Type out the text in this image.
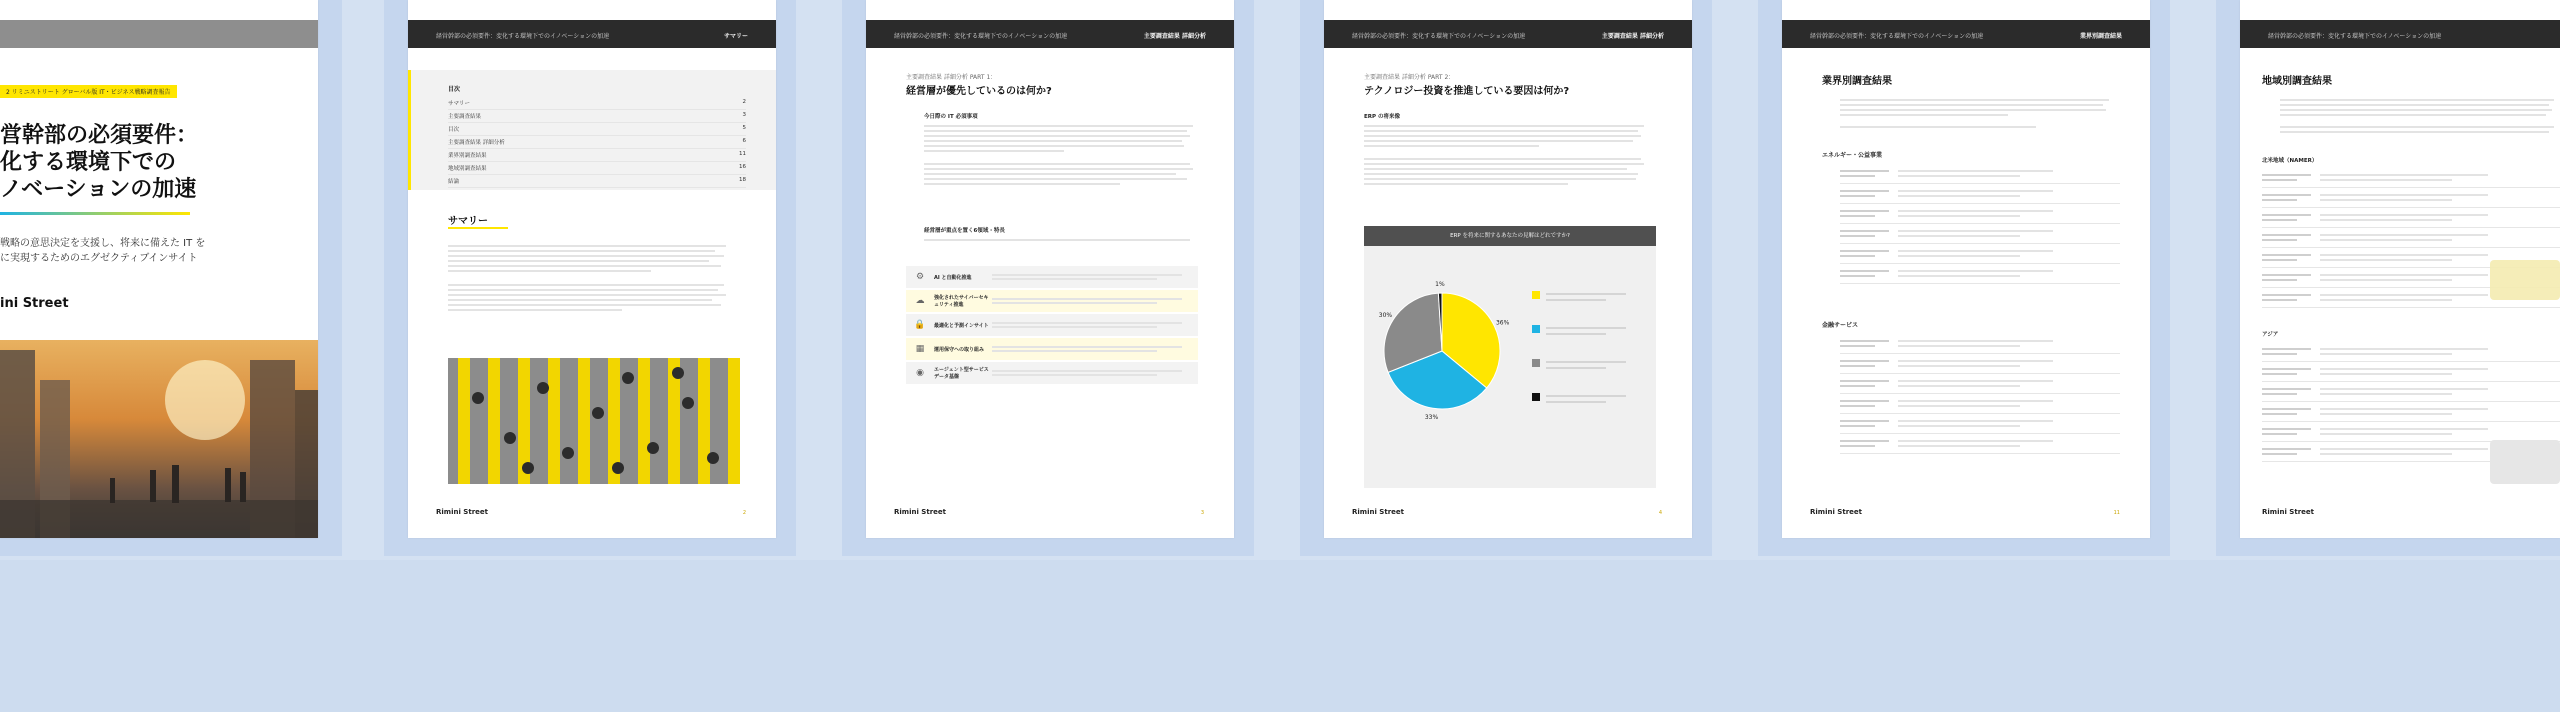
2 リミニストリート グローバル版 IT・ビジネス戦略調査報告
営幹部の必須要件：
化する環境下での
ノベーションの加速
戦略の意思決定を支援し、将来に備えた IT を
に実現するためのエグゼクティブインサイト
ini Street
経営幹部の必須要件：変化する環境下でのイノベーションの加速	サマリー
目次
サマリー	2
主要調査結果	3
目次	5
主要調査結果 詳細分析	6
業界別調査結果	11
地域別調査結果	16
結論	18
サマリー
Rimini Street	2
経営幹部の必須要件：変化する環境下でのイノベーションの加速	主要調査結果 詳細分析
主要調査結果 詳細分析 PART 1：
経営層が優先しているのは何か?
今日際の IT 必須事項
経営層が重点を置く6領域・特長
⚙	AI と自動化推進
☁	強化されたサイバーセキュリティ推進
🔒	最適化と予測インサイト
▦	運用保守への取り組み
◉	エージェント型サービスデータ基盤
Rimini Street	3
経営幹部の必須要件：変化する環境下でのイノベーションの加速	主要調査結果 詳細分析
主要調査結果 詳細分析 PART 2：
テクノロジー投資を推進している要因は何か?
ERP の将来像
ERP を将来に関するあなたの見解はどれですか?
36%
33%
30%
1%
Rimini Street	4
経営幹部の必須要件：変化する環境下でのイノベーションの加速	業界別調査結果
業界別調査結果
エネルギー・公益事業
金融サービス
Rimini Street	11
経営幹部の必須要件：変化する環境下でのイノベーションの加速
地域別調査結果
北米地域（NAMER）
アジア
Rimini Street
